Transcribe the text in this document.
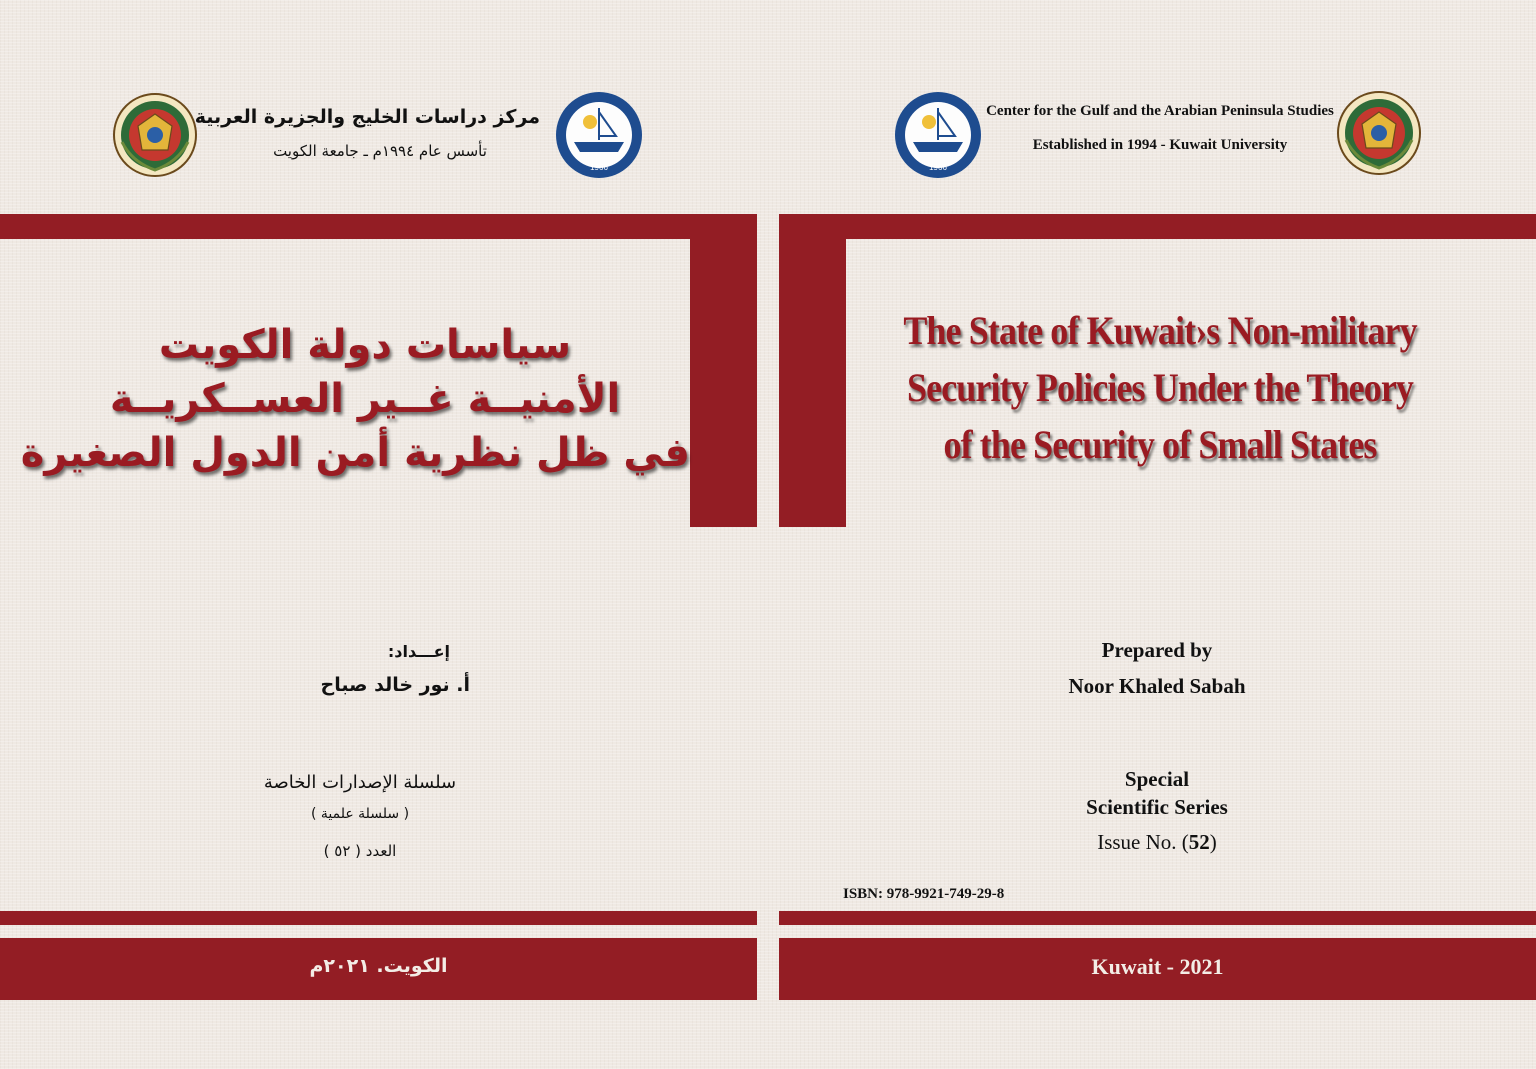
1966	1966
مركز دراسات الخليج والجزيرة العربية
تأسس عام ١٩٩٤م ـ جامعة الكويت
سياسات دولة الكويت
الأمنيــة غــير العســكريــة
في ظل نظرية أمن الدول الصغيرة
إعـــداد:
أ. نور خالد صباح
سلسلة الإصدارات الخاصة
( سلسلة علمية )
العدد ( ٥٢ )
الكويت. ٢٠٢١م
Center for the Gulf and the Arabian Peninsula Studies
Established in 1994 - Kuwait University
The State of Kuwait›s Non-military
Security Policies Under the Theory
of the Security of Small States
Prepared by
Noor Khaled Sabah
Special
Scientific Series
Issue No. (52)
ISBN: 978-9921-749-29-8
Kuwait - 2021
